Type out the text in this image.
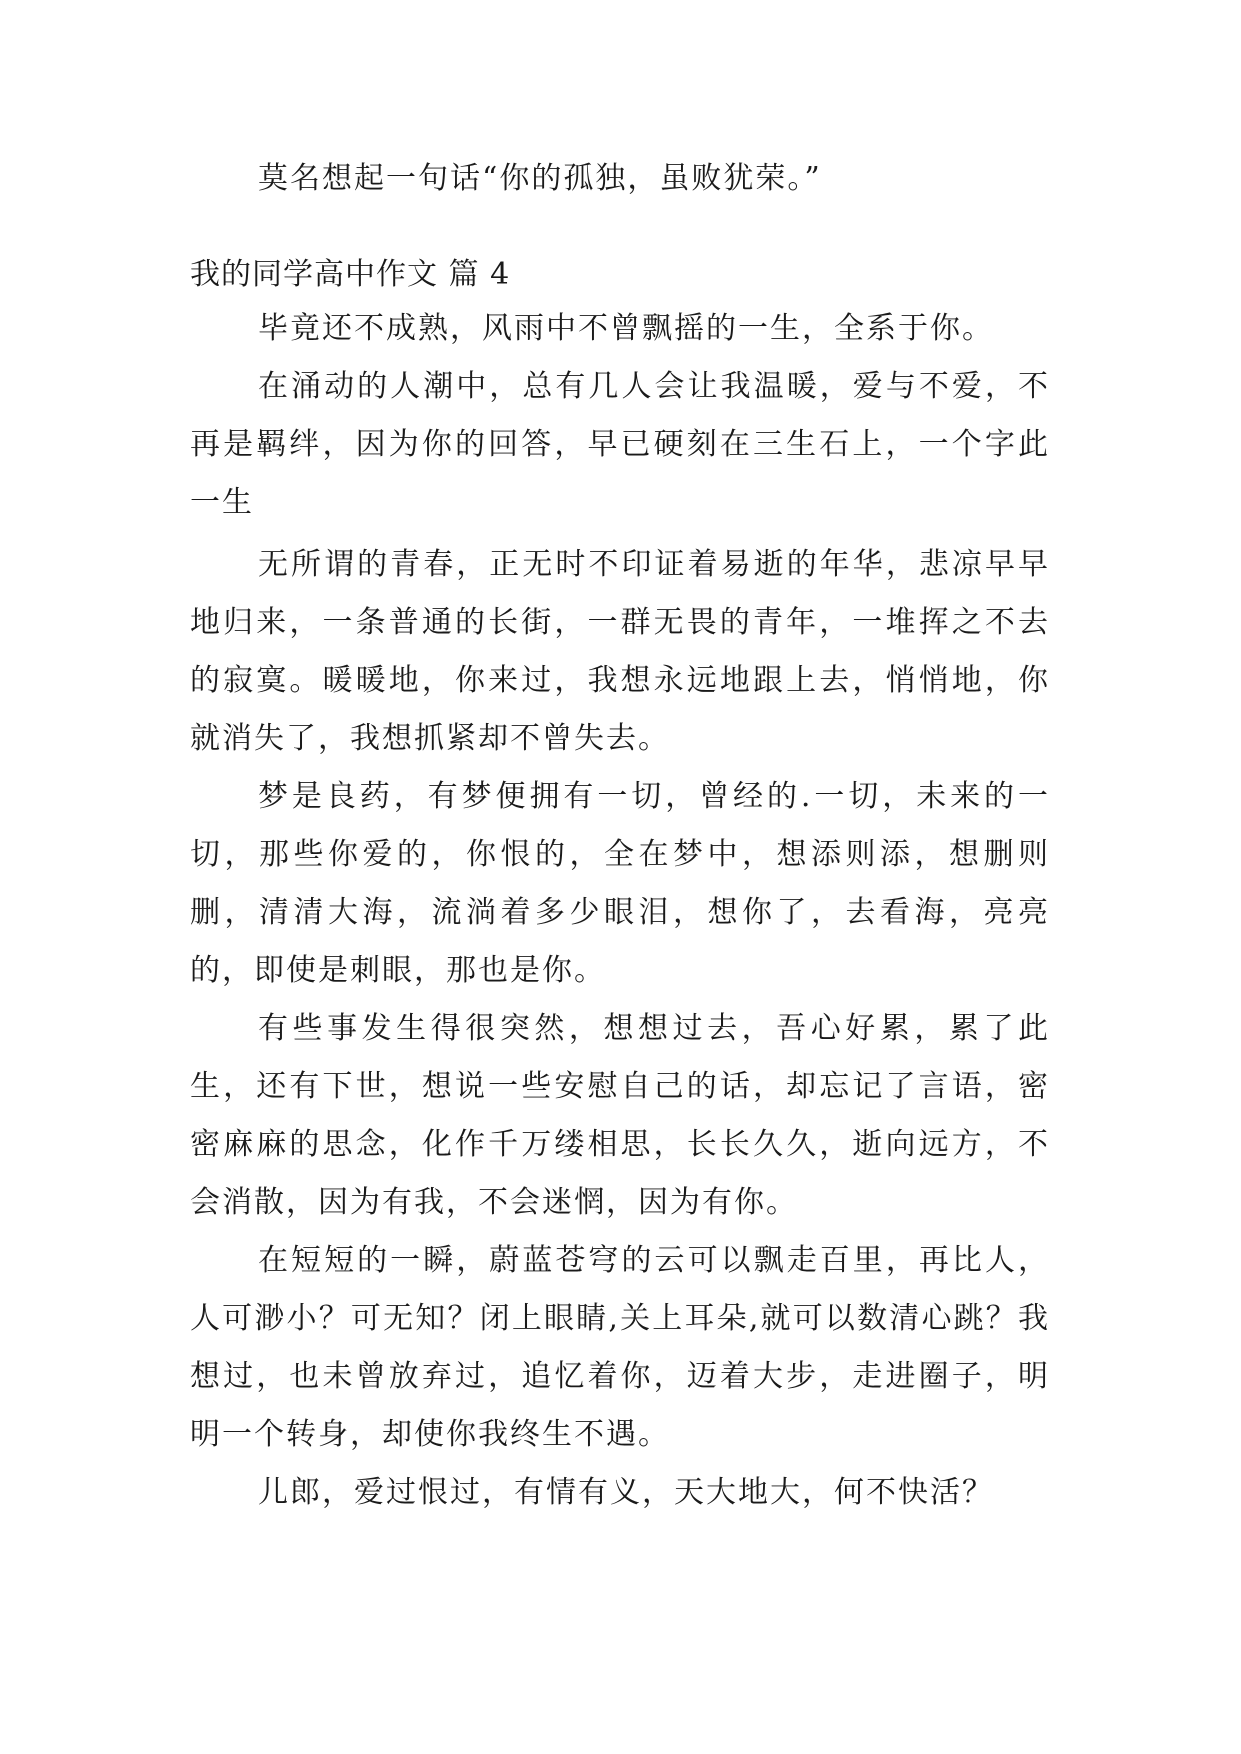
莫名想起一句话“你的孤独，虽败犹荣。”

我的同学高中作文 篇 4

毕竟还不成熟，风雨中不曾飘摇的一生，全系于你。

在涌动的人潮中，总有几人会让我温暖，爱与不爱，不再是羁绊，因为你的回答，早已硬刻在三生石上，一个字此一生

无所谓的青春，正无时不印证着易逝的年华，悲凉早早地归来，一条普通的长街，一群无畏的青年，一堆挥之不去的寂寞。暖暖地，你来过，我想永远地跟上去，悄悄地，你就消失了，我想抓紧却不曾失去。

梦是良药，有梦便拥有一切，曾经的.一切，未来的一切，那些你爱的，你恨的，全在梦中，想添则添，想删则删，清清大海，流淌着多少眼泪，想你了，去看海，亮亮的，即使是刺眼，那也是你。

有些事发生得很突然，想想过去，吾心好累，累了此生，还有下世，想说一些安慰自己的话，却忘记了言语，密密麻麻的思念，化作千万缕相思，长长久久，逝向远方，不会消散，因为有我，不会迷惘，因为有你。

在短短的一瞬，蔚蓝苍穹的云可以飘走百里，再比人，人可渺小？可无知？闭上眼睛,关上耳朵,就可以数清心跳？我想过，也未曾放弃过，追忆着你，迈着大步，走进圈子，明明一个转身，却使你我终生不遇。

儿郎，爱过恨过，有情有义，天大地大，何不快活？
